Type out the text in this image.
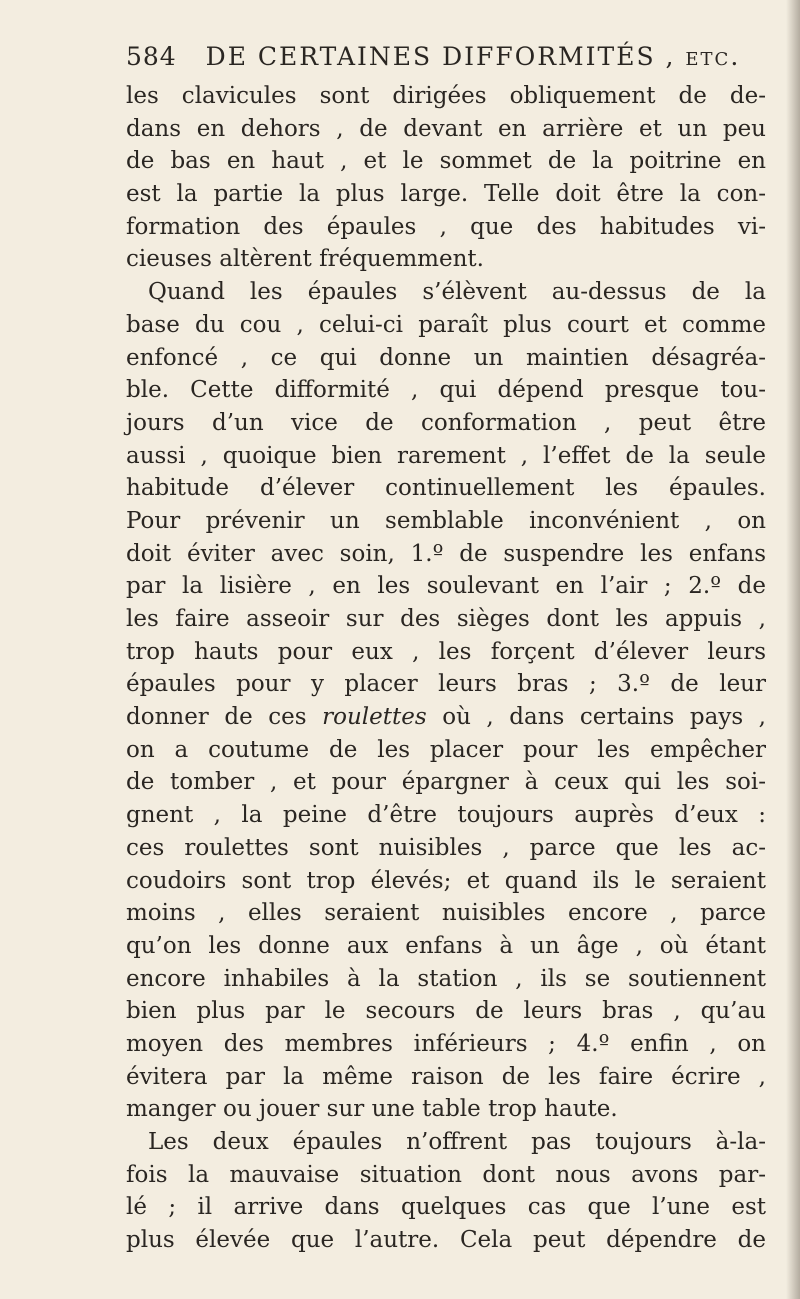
584 DE CERTAINES DIFFORMITÉS , etc.
les clavicules sont dirigées obliquement de de-
dans en dehors , de devant en arrière et un peu
de bas en haut , et le sommet de la poitrine en
est la partie la plus large. Telle doit être la con-
formation des épaules , que des habitudes vi-
cieuses altèrent fréquemment.
Quand les épaules s’élèvent au-dessus de la
base du cou , celui-ci paraît plus court et comme
enfoncé , ce qui donne un maintien désagréa-
ble. Cette difformité , qui dépend presque tou-
jours d’un vice de conformation , peut être
aussi , quoique bien rarement , l’effet de la seule
habitude d’élever continuellement les épaules.
Pour prévenir un semblable inconvénient , on
doit éviter avec soin, 1.º de suspendre les enfans
par la lisière , en les soulevant en l’air ; 2.º de
les faire asseoir sur des sièges dont les appuis ,
trop hauts pour eux , les forçent d’élever leurs
épaules pour y placer leurs bras ; 3.º de leur
donner de ces roulettes où , dans certains pays ,
on a coutume de les placer pour les empêcher
de tomber , et pour épargner à ceux qui les soi-
gnent , la peine d’être toujours auprès d’eux :
ces roulettes sont nuisibles , parce que les ac-
coudoirs sont trop élevés; et quand ils le seraient
moins , elles seraient nuisibles encore , parce
qu’on les donne aux enfans à un âge , où étant
encore inhabiles à la station , ils se soutiennent
bien plus par le secours de leurs bras , qu’au
moyen des membres inférieurs ; 4.º enfin , on
évitera par la même raison de les faire écrire ,
manger ou jouer sur une table trop haute.
Les deux épaules n’offrent pas toujours à-la-
fois la mauvaise situation dont nous avons par-
lé ; il arrive dans quelques cas que l’une est
plus élevée que l’autre. Cela peut dépendre de
